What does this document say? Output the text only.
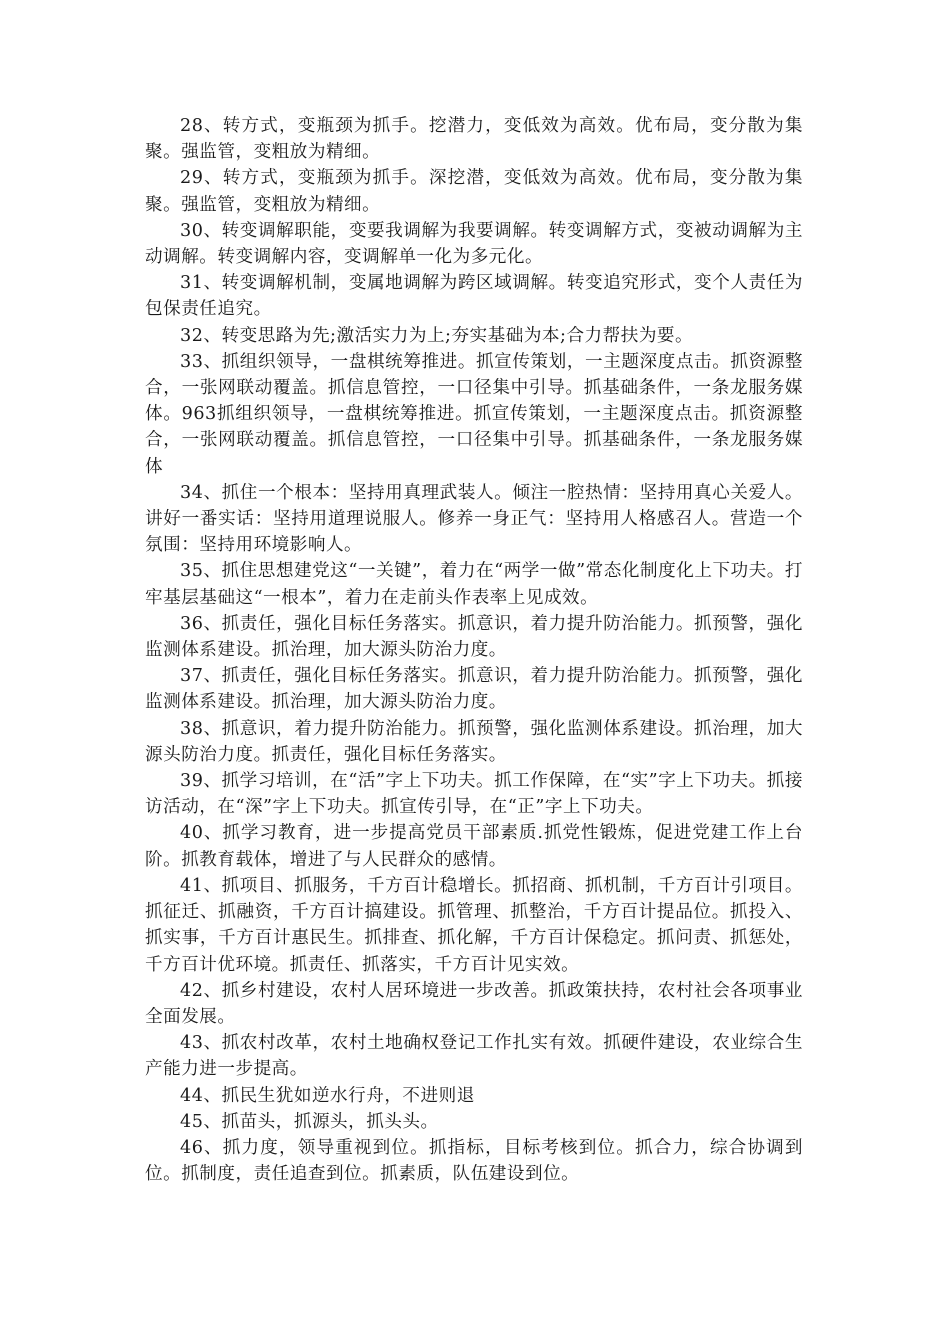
28、转方式，变瓶颈为抓手。挖潜力，变低效为高效。优布局，变分散为集聚。强监管，变粗放为精细。

29、转方式，变瓶颈为抓手。深挖潜，变低效为高效。优布局，变分散为集聚。强监管，变粗放为精细。

30、转变调解职能，变要我调解为我要调解。转变调解方式，变被动调解为主动调解。转变调解内容，变调解单一化为多元化。

31、转变调解机制，变属地调解为跨区域调解。转变追究形式，变个人责任为包保责任追究。

32、转变思路为先;激活实力为上;夯实基础为本;合力帮扶为要。

33、抓组织领导，一盘棋统筹推进。抓宣传策划，一主题深度点击。抓资源整合，一张网联动覆盖。抓信息管控，一口径集中引导。抓基础条件，一条龙服务媒体。963抓组织领导，一盘棋统筹推进。抓宣传策划，一主题深度点击。抓资源整合，一张网联动覆盖。抓信息管控，一口径集中引导。抓基础条件，一条龙服务媒体

34、抓住一个根本：坚持用真理武装人。倾注一腔热情：坚持用真心关爱人。讲好一番实话：坚持用道理说服人。修养一身正气：坚持用人格感召人。营造一个氛围：坚持用环境影响人。

35、抓住思想建党这“一关键”，着力在“两学一做”常态化制度化上下功夫。打牢基层基础这“一根本”，着力在走前头作表率上见成效。

36、抓责任，强化目标任务落实。抓意识，着力提升防治能力。抓预警，强化监测体系建设。抓治理，加大源头防治力度。

37、抓责任，强化目标任务落实。抓意识，着力提升防治能力。抓预警，强化监测体系建设。抓治理，加大源头防治力度。

38、抓意识，着力提升防治能力。抓预警，强化监测体系建设。抓治理，加大源头防治力度。抓责任，强化目标任务落实。

39、抓学习培训，在“活”字上下功夫。抓工作保障，在“实”字上下功夫。抓接访活动，在“深”字上下功夫。抓宣传引导，在“正”字上下功夫。

40、抓学习教育，进一步提高党员干部素质.抓党性锻炼，促进党建工作上台阶。抓教育载体，增进了与人民群众的感情。

41、抓项目、抓服务，千方百计稳增长。抓招商、抓机制，千方百计引项目。抓征迁、抓融资，千方百计搞建设。抓管理、抓整治，千方百计提品位。抓投入、抓实事，千方百计惠民生。抓排查、抓化解，千方百计保稳定。抓问责、抓惩处，千方百计优环境。抓责任、抓落实，千方百计见实效。

42、抓乡村建设，农村人居环境进一步改善。抓政策扶持，农村社会各项事业全面发展。

43、抓农村改革，农村土地确权登记工作扎实有效。抓硬件建设，农业综合生产能力进一步提高。

44、抓民生犹如逆水行舟，不进则退

45、抓苗头，抓源头，抓头头。

46、抓力度，领导重视到位。抓指标，目标考核到位。抓合力，综合协调到位。抓制度，责任追查到位。抓素质，队伍建设到位。
